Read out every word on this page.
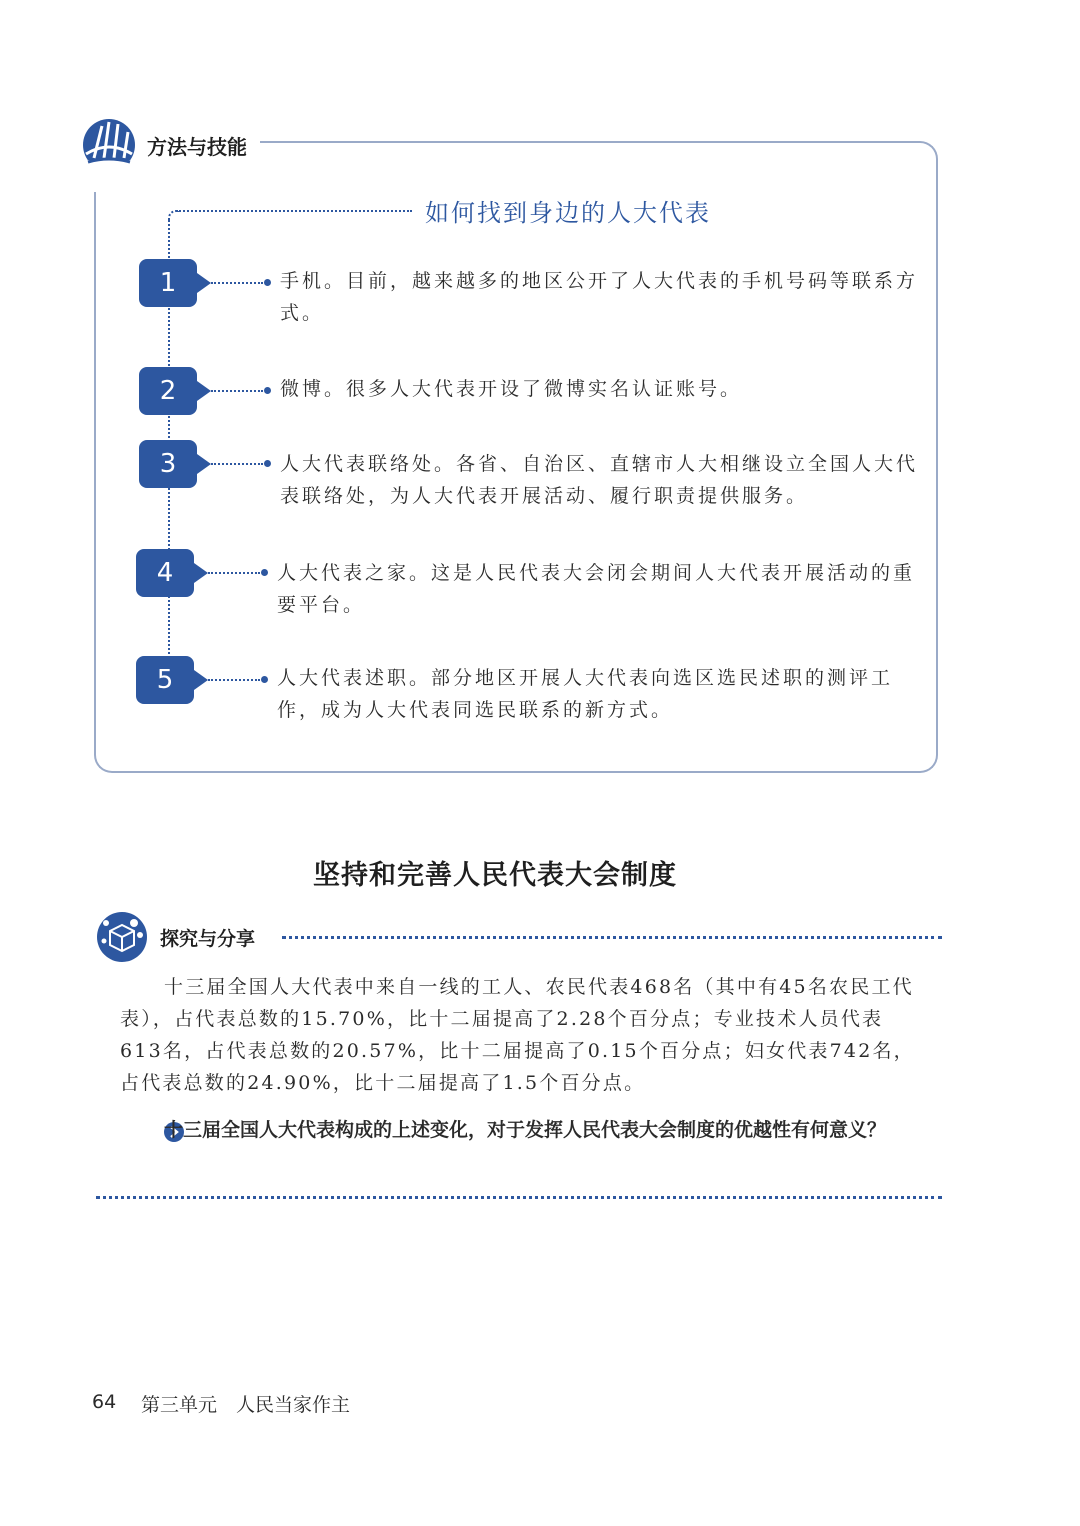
方法与技能
如何找到身边的人大代表
1	手机。目前，越来越多的地区公开了人大代表的手机号码等联系方式。
2	微博。很多人大代表开设了微博实名认证账号。
3	人大代表联络处。各省、自治区、直辖市人大相继设立全国人大代表联络处，为人大代表开展活动、履行职责提供服务。
4	人大代表之家。这是人民代表大会闭会期间人大代表开展活动的重要平台。
5	人大代表述职。部分地区开展人大代表向选区选民述职的测评工作，成为人大代表同选民联系的新方式。
坚持和完善人民代表大会制度
探究与分享
十三届全国人大代表中来自一线的工人、农民代表468名（其中有45名农民工代表），占代表总数的15.70%，比十二届提高了2.28个百分点；专业技术人员代表613名，占代表总数的20.57%，比十二届提高了0.15个百分点；妇女代表742名，占代表总数的24.90%，比十二届提高了1.5个百分点。
十三届全国人大代表构成的上述变化，对于发挥人民代表大会制度的优越性有何意义？
64 第三单元　人民当家作主
